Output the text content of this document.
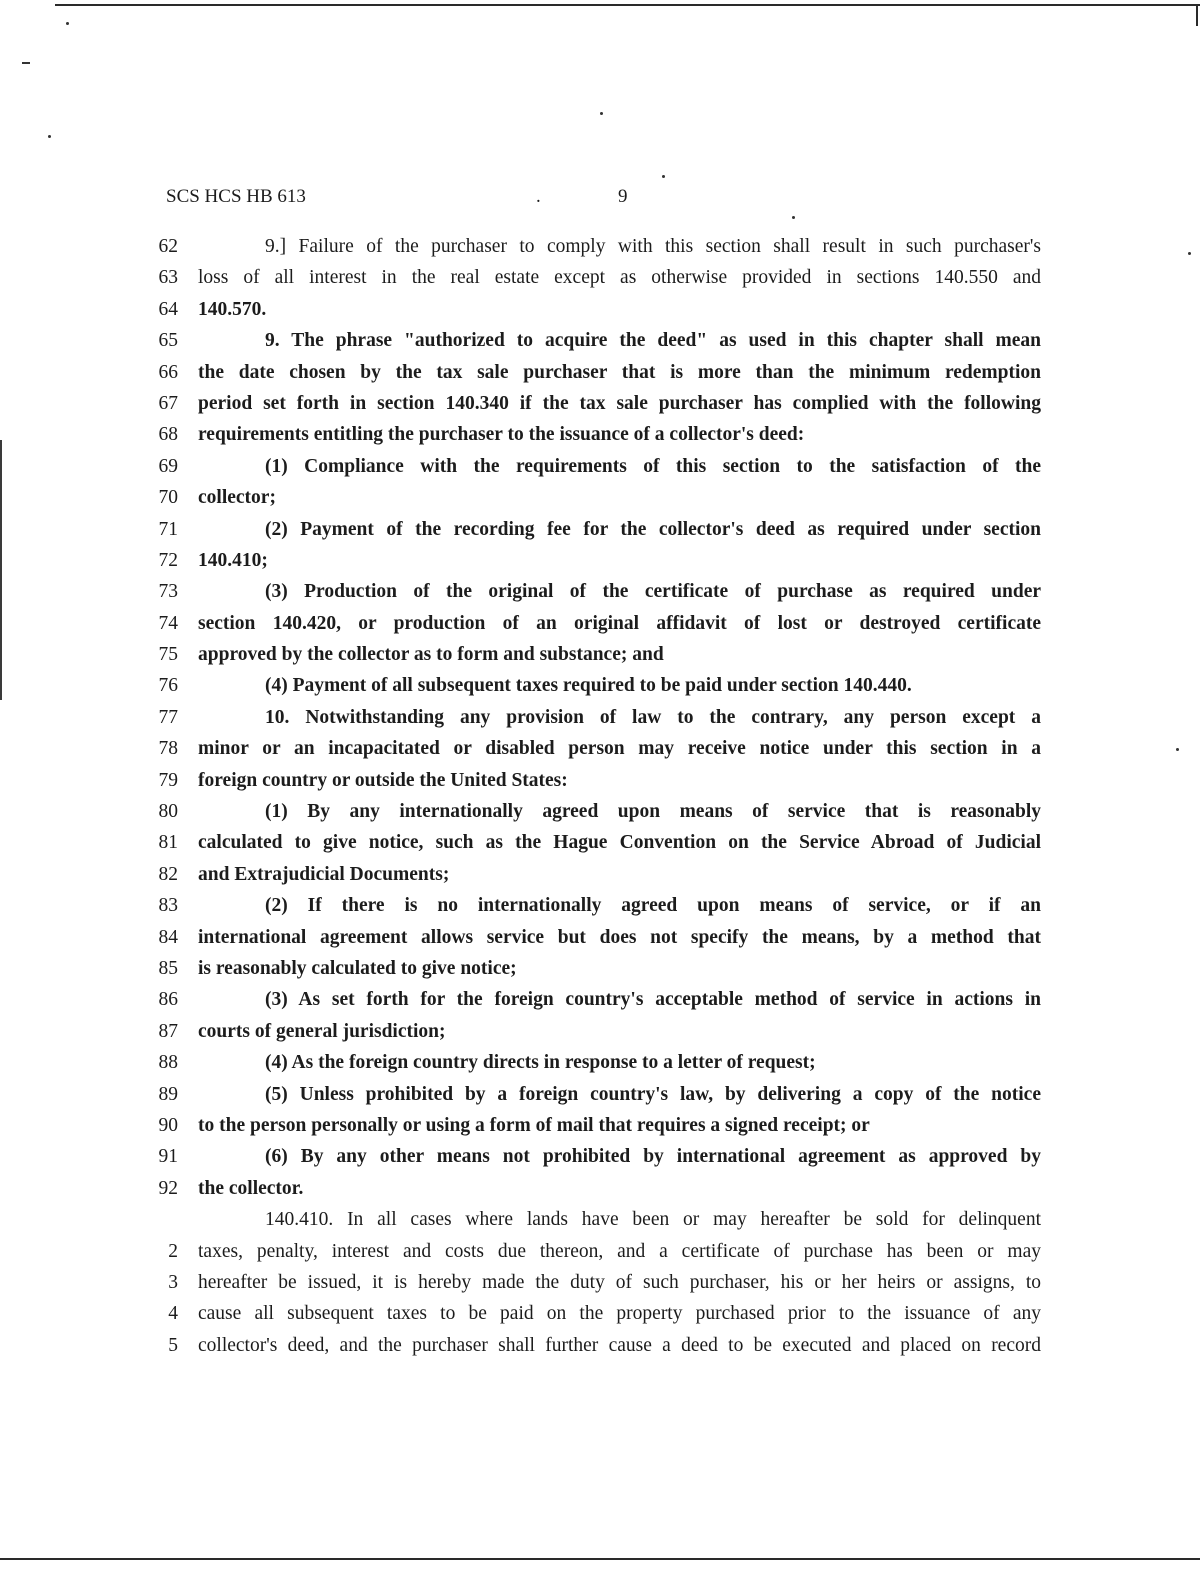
SCS HCS HB 613	.	9
62	9.] Failure of the purchaser to comply with this section shall result in such purchaser's
63 loss of all interest in the real estate except as otherwise provided in sections 140.550 and
64 140.570.
65	9. The phrase "authorized to acquire the deed" as used in this chapter shall mean
66 the date chosen by the tax sale purchaser that is more than the minimum redemption
67 period set forth in section 140.340 if the tax sale purchaser has complied with the following
68 requirements entitling the purchaser to the issuance of a collector's deed:
69	(1) Compliance with the requirements of this section to the satisfaction of the
70 collector;
71	(2) Payment of the recording fee for the collector's deed as required under section
72 140.410;
73	(3) Production of the original of the certificate of purchase as required under
74 section 140.420, or production of an original affidavit of lost or destroyed certificate
75 approved by the collector as to form and substance; and
76	(4) Payment of all subsequent taxes required to be paid under section 140.440.
77	10. Notwithstanding any provision of law to the contrary, any person except a
78 minor or an incapacitated or disabled person may receive notice under this section in a
79 foreign country or outside the United States:
80	(1) By any internationally agreed upon means of service that is reasonably
81 calculated to give notice, such as the Hague Convention on the Service Abroad of Judicial
82 and Extrajudicial Documents;
83	(2) If there is no internationally agreed upon means of service, or if an
84 international agreement allows service but does not specify the means, by a method that
85 is reasonably calculated to give notice;
86	(3) As set forth for the foreign country's acceptable method of service in actions in
87 courts of general jurisdiction;
88	(4) As the foreign country directs in response to a letter of request;
89	(5) Unless prohibited by a foreign country's law, by delivering a copy of the notice
90 to the person personally or using a form of mail that requires a signed receipt; or
91	(6) By any other means not prohibited by international agreement as approved by
92 the collector.
140.410. In all cases where lands have been or may hereafter be sold for delinquent
2 taxes, penalty, interest and costs due thereon, and a certificate of purchase has been or may
3 hereafter be issued, it is hereby made the duty of such purchaser, his or her heirs or assigns, to
4 cause all subsequent taxes to be paid on the property purchased prior to the issuance of any
5 collector's deed, and the purchaser shall further cause a deed to be executed and placed on record
